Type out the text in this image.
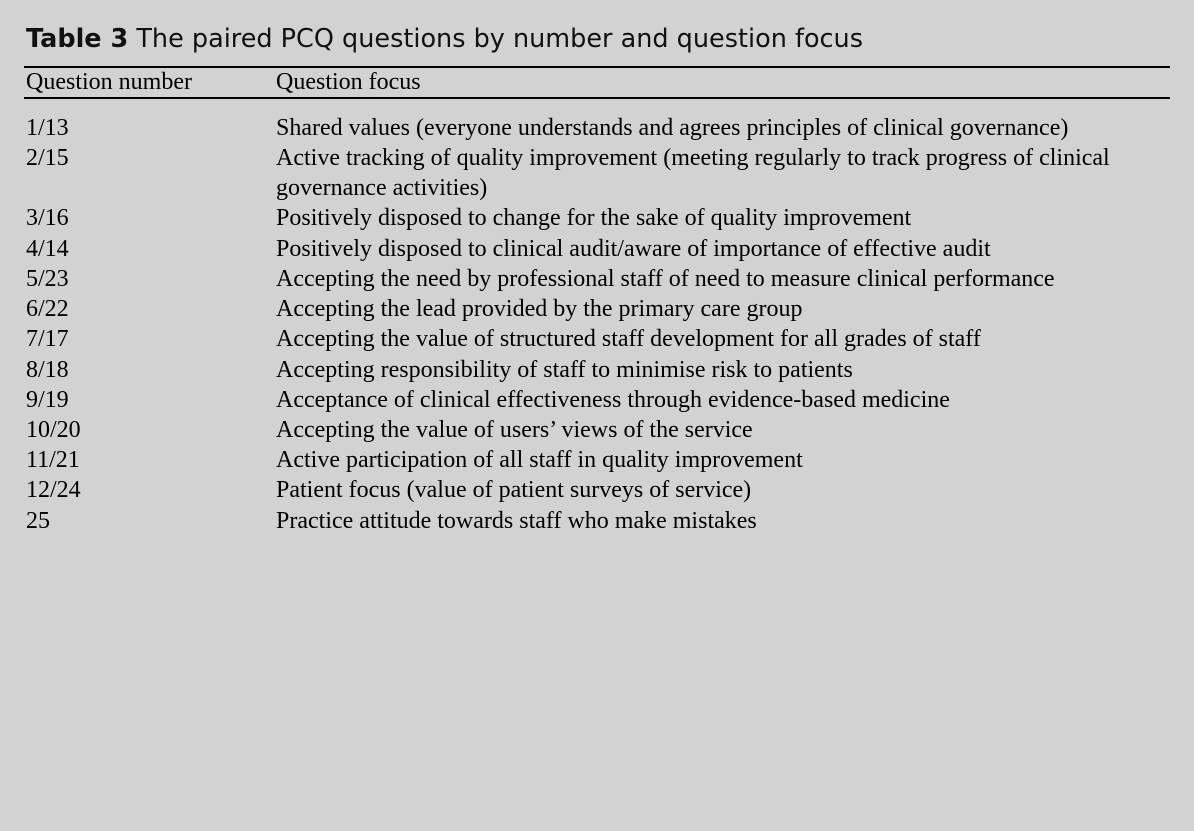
Table 3 The paired PCQ questions by number and question focus
Question number	Question focus
1/13	Shared values (everyone understands and agrees principles of clinical governance)

2/15	Active tracking of quality improvement (meeting regularly to track progress of clinical governance activities)

3/16	Positively disposed to change for the sake of quality improvement

4/14	Positively disposed to clinical audit/aware of importance of effective audit

5/23	Accepting the need by professional staff of need to measure clinical performance

6/22	Accepting the lead provided by the primary care group

7/17	Accepting the value of structured staff development for all grades of staff

8/18	Accepting responsibility of staff to minimise risk to patients

9/19	Acceptance of clinical effectiveness through evidence-based medicine

10/20	Accepting the value of users’ views of the service

11/21	Active participation of all staff in quality improvement

12/24	Patient focus (value of patient surveys of service)

25	Practice attitude towards staff who make mistakes
